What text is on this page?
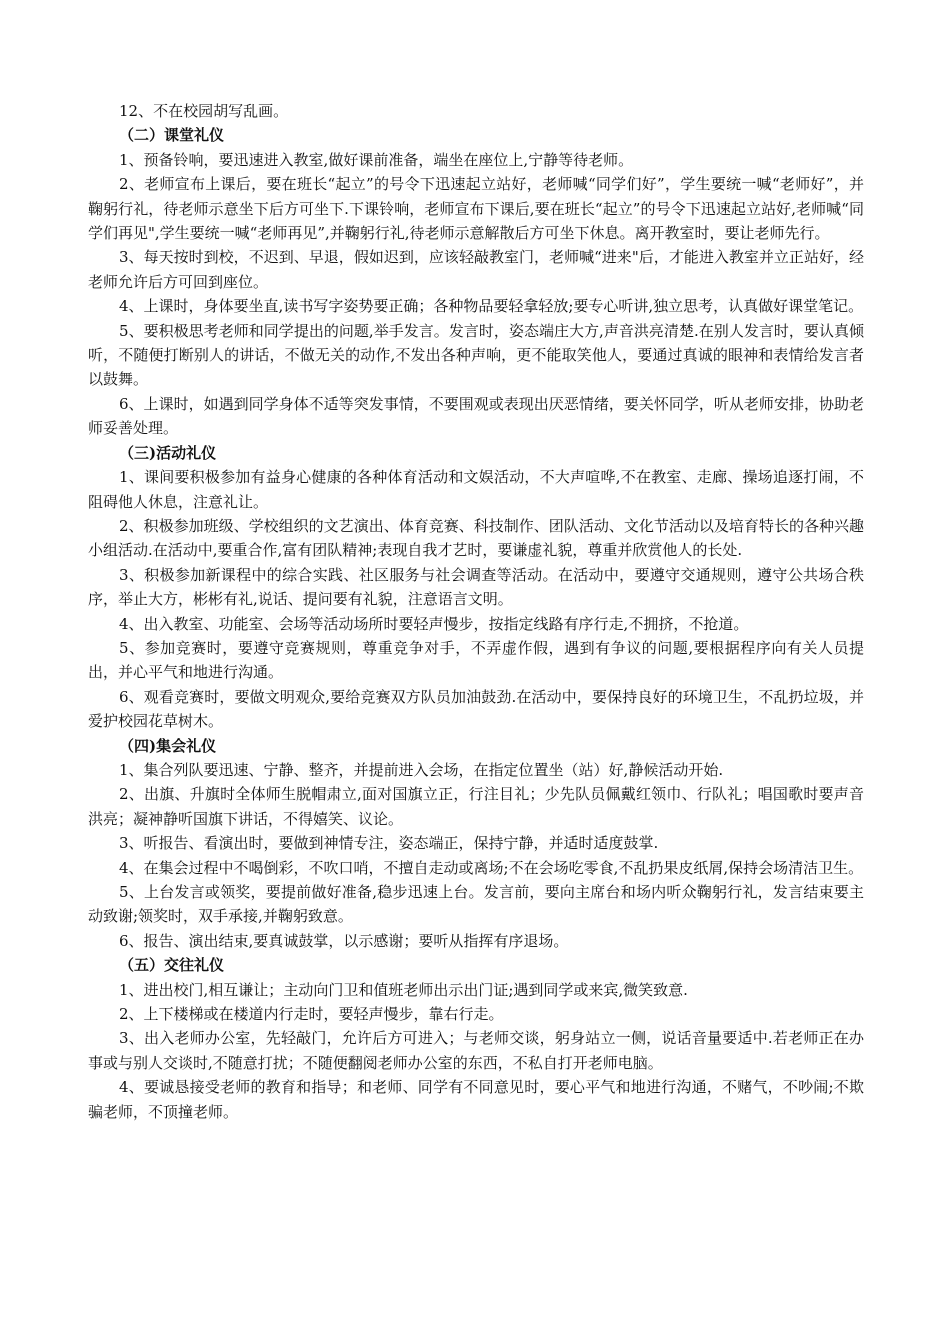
12、不在校园胡写乱画。

（二）课堂礼仪

1、预备铃响，要迅速进入教室,做好课前准备，端坐在座位上,宁静等待老师。

2、老师宣布上课后，要在班长“起立”的号令下迅速起立站好，老师喊“同学们好”，学生要统一喊“老师好”，并鞠躬行礼，待老师示意坐下后方可坐下.下课铃响，老师宣布下课后,要在班长“起立”的号令下迅速起立站好,老师喊“同学们再见",学生要统一喊“老师再见”,并鞠躬行礼,待老师示意解散后方可坐下休息。离开教室时，要让老师先行。

3、每天按时到校，不迟到、早退，假如迟到，应该轻敲教室门，老师喊“进来"后，才能进入教室并立正站好，经老师允许后方可回到座位。

4、上课时，身体要坐直,读书写字姿势要正确；各种物品要轻拿轻放;要专心听讲,独立思考，认真做好课堂笔记。

5、要积极思考老师和同学提出的问题,举手发言。发言时，姿态端庄大方,声音洪亮清楚.在别人发言时，要认真倾听，不随便打断别人的讲话，不做无关的动作,不发出各种声响，更不能取笑他人，要通过真诚的眼神和表情给发言者以鼓舞。

6、上课时，如遇到同学身体不适等突发事情，不要围观或表现出厌恶情绪，要关怀同学，听从老师安排，协助老师妥善处理。

（三)活动礼仪

1、课间要积极参加有益身心健康的各种体育活动和文娱活动，不大声喧哗,不在教室、走廊、操场追逐打闹，不阻碍他人休息，注意礼让。

2、积极参加班级、学校组织的文艺演出、体育竞赛、科技制作、团队活动、文化节活动以及培育特长的各种兴趣小组活动.在活动中,要重合作,富有团队精神;表现自我才艺时，要谦虚礼貌，尊重并欣赏他人的长处.

3、积极参加新课程中的综合实践、社区服务与社会调查等活动。在活动中，要遵守交通规则，遵守公共场合秩序，举止大方，彬彬有礼,说话、提问要有礼貌，注意语言文明。

4、出入教室、功能室、会场等活动场所时要轻声慢步，按指定线路有序行走,不拥挤，不抢道。

5、参加竞赛时，要遵守竞赛规则，尊重竞争对手，不弄虚作假，遇到有争议的问题,要根据程序向有关人员提出，并心平气和地进行沟通。

6、观看竞赛时，要做文明观众,要给竞赛双方队员加油鼓劲.在活动中，要保持良好的环境卫生，不乱扔垃圾，并爱护校园花草树木。

（四)集会礼仪

1、集合列队要迅速、宁静、整齐，并提前进入会场，在指定位置坐（站）好,静候活动开始.

2、出旗、升旗时全体师生脱帽肃立,面对国旗立正，行注目礼；少先队员佩戴红领巾、行队礼；唱国歌时要声音洪亮；凝神静听国旗下讲话，不得嬉笑、议论。

3、听报告、看演出时，要做到神情专注，姿态端正，保持宁静，并适时适度鼓掌.

4、在集会过程中不喝倒彩，不吹口哨，不擅自走动或离场;不在会场吃零食,不乱扔果皮纸屑,保持会场清洁卫生。

5、上台发言或领奖，要提前做好准备,稳步迅速上台。发言前，要向主席台和场内听众鞠躬行礼，发言结束要主动致谢;领奖时，双手承接,并鞠躬致意。

6、报告、演出结束,要真诚鼓掌，以示感谢；要听从指挥有序退场。

（五）交往礼仪

1、进出校门,相互谦让；主动向门卫和值班老师出示出门证;遇到同学或来宾,微笑致意.

2、上下楼梯或在楼道内行走时，要轻声慢步，靠右行走。

3、出入老师办公室，先轻敲门，允许后方可进入；与老师交谈，躬身站立一侧，说话音量要适中.若老师正在办事或与别人交谈时,不随意打扰；不随便翻阅老师办公室的东西，不私自打开老师电脑。

4、要诚恳接受老师的教育和指导；和老师、同学有不同意见时，要心平气和地进行沟通，不赌气，不吵闹;不欺骗老师，不顶撞老师。
